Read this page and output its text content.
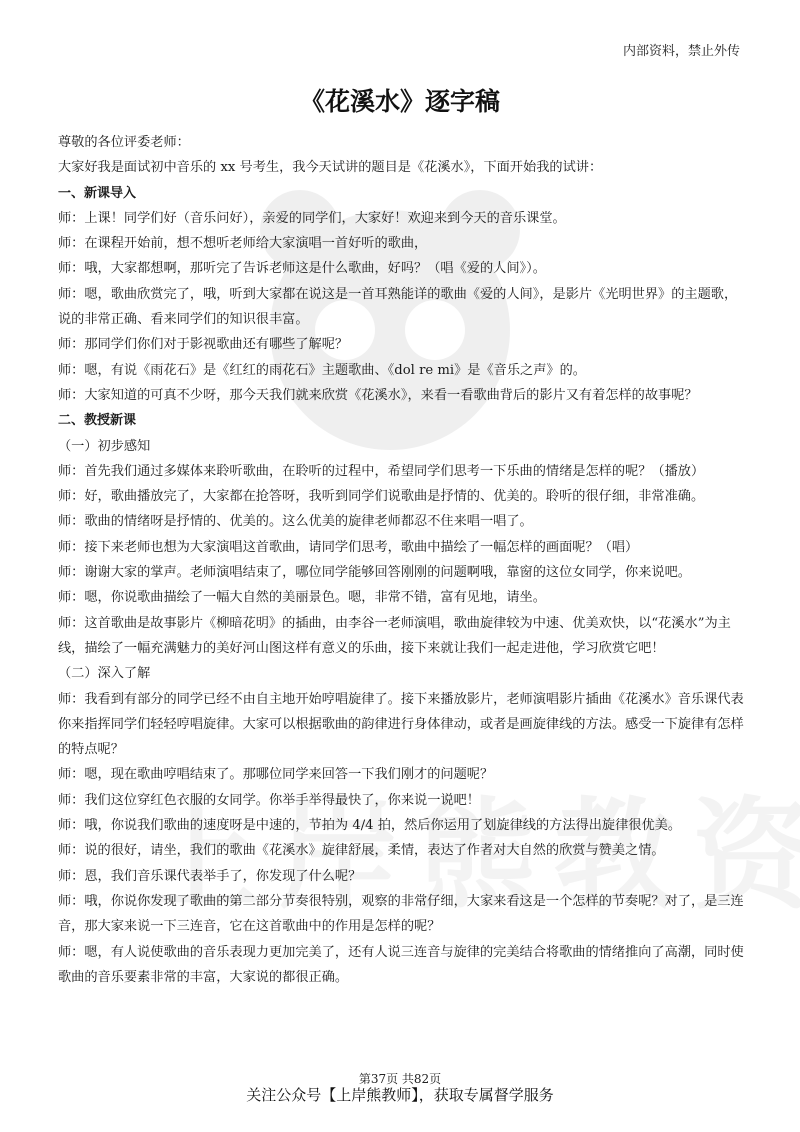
内部资料，禁止外传
《花溪水》逐字稿

尊敬的各位评委老师：

大家好我是面试初中音乐的 xx 号考生，我今天试讲的题目是《花溪水》，下面开始我的试讲：

一、新课导入

师：上课！同学们好（音乐问好），亲爱的同学们，大家好！欢迎来到今天的音乐课堂。

师：在课程开始前，想不想听老师给大家演唱一首好听的歌曲，

师：哦，大家都想啊，那听完了告诉老师这是什么歌曲，好吗？（唱《爱的人间》）。

师：嗯，歌曲欣赏完了，哦，听到大家都在说这是一首耳熟能详的歌曲《爱的人间》，是影片《光明世界》的主题歌，说的非常正确、看来同学们的知识很丰富。

师：那同学们你们对于影视歌曲还有哪些了解呢？

师：嗯，有说《雨花石》是《红红的雨花石》主题歌曲、《dol re mi》是《音乐之声》的。

师：大家知道的可真不少呀，那今天我们就来欣赏《花溪水》，来看一看歌曲背后的影片又有着怎样的故事呢？

二、教授新课

（一）初步感知

师：首先我们通过多媒体来聆听歌曲，在聆听的过程中，希望同学们思考一下乐曲的情绪是怎样的呢？（播放）

师：好，歌曲播放完了，大家都在抢答呀，我听到同学们说歌曲是抒情的、优美的。聆听的很仔细，非常准确。

师：歌曲的情绪呀是抒情的、优美的。这么优美的旋律老师都忍不住来唱一唱了。

师：接下来老师也想为大家演唱这首歌曲，请同学们思考，歌曲中描绘了一幅怎样的画面呢？（唱）

师：谢谢大家的掌声。老师演唱结束了，哪位同学能够回答刚刚的问题啊哦，靠窗的这位女同学，你来说吧。

师：嗯，你说歌曲描绘了一幅大自然的美丽景色。嗯，非常不错，富有见地，请坐。

师：这首歌曲是故事影片《柳暗花明》的插曲，由李谷一老师演唱，歌曲旋律较为中速、优美欢快，以“花溪水”为主线，描绘了一幅充满魅力的美好河山图这样有意义的乐曲，接下来就让我们一起走进他，学习欣赏它吧！

（二）深入了解

师：我看到有部分的同学已经不由自主地开始哼唱旋律了。接下来播放影片，老师演唱影片插曲《花溪水》音乐课代表你来指挥同学们轻轻哼唱旋律。大家可以根据歌曲的韵律进行身体律动，或者是画旋律线的方法。感受一下旋律有怎样的特点呢？

师：嗯，现在歌曲哼唱结束了。那哪位同学来回答一下我们刚才的问题呢？

师：我们这位穿红色衣服的女同学。你举手举得最快了，你来说一说吧！

师：哦，你说我们歌曲的速度呀是中速的，节拍为 4/4 拍，然后你运用了划旋律线的方法得出旋律很优美。

师：说的很好，请坐，我们的歌曲《花溪水》旋律舒展，柔情，表达了作者对大自然的欣赏与赞美之情。

师：恩，我们音乐课代表举手了，你发现了什么呢？

师：哦，你说你发现了歌曲的第二部分节奏很特别，观察的非常仔细，大家来看这是一个怎样的节奏呢？对了，是三连音，那大家来说一下三连音，它在这首歌曲中的作用是怎样的呢？

师：嗯，有人说使歌曲的音乐表现力更加完美了，还有人说三连音与旋律的完美结合将歌曲的情绪推向了高潮，同时使歌曲的音乐要素非常的丰富，大家说的都很正确。

第37页 共82页
关注公众号【上岸熊教师】，获取专属督学服务
